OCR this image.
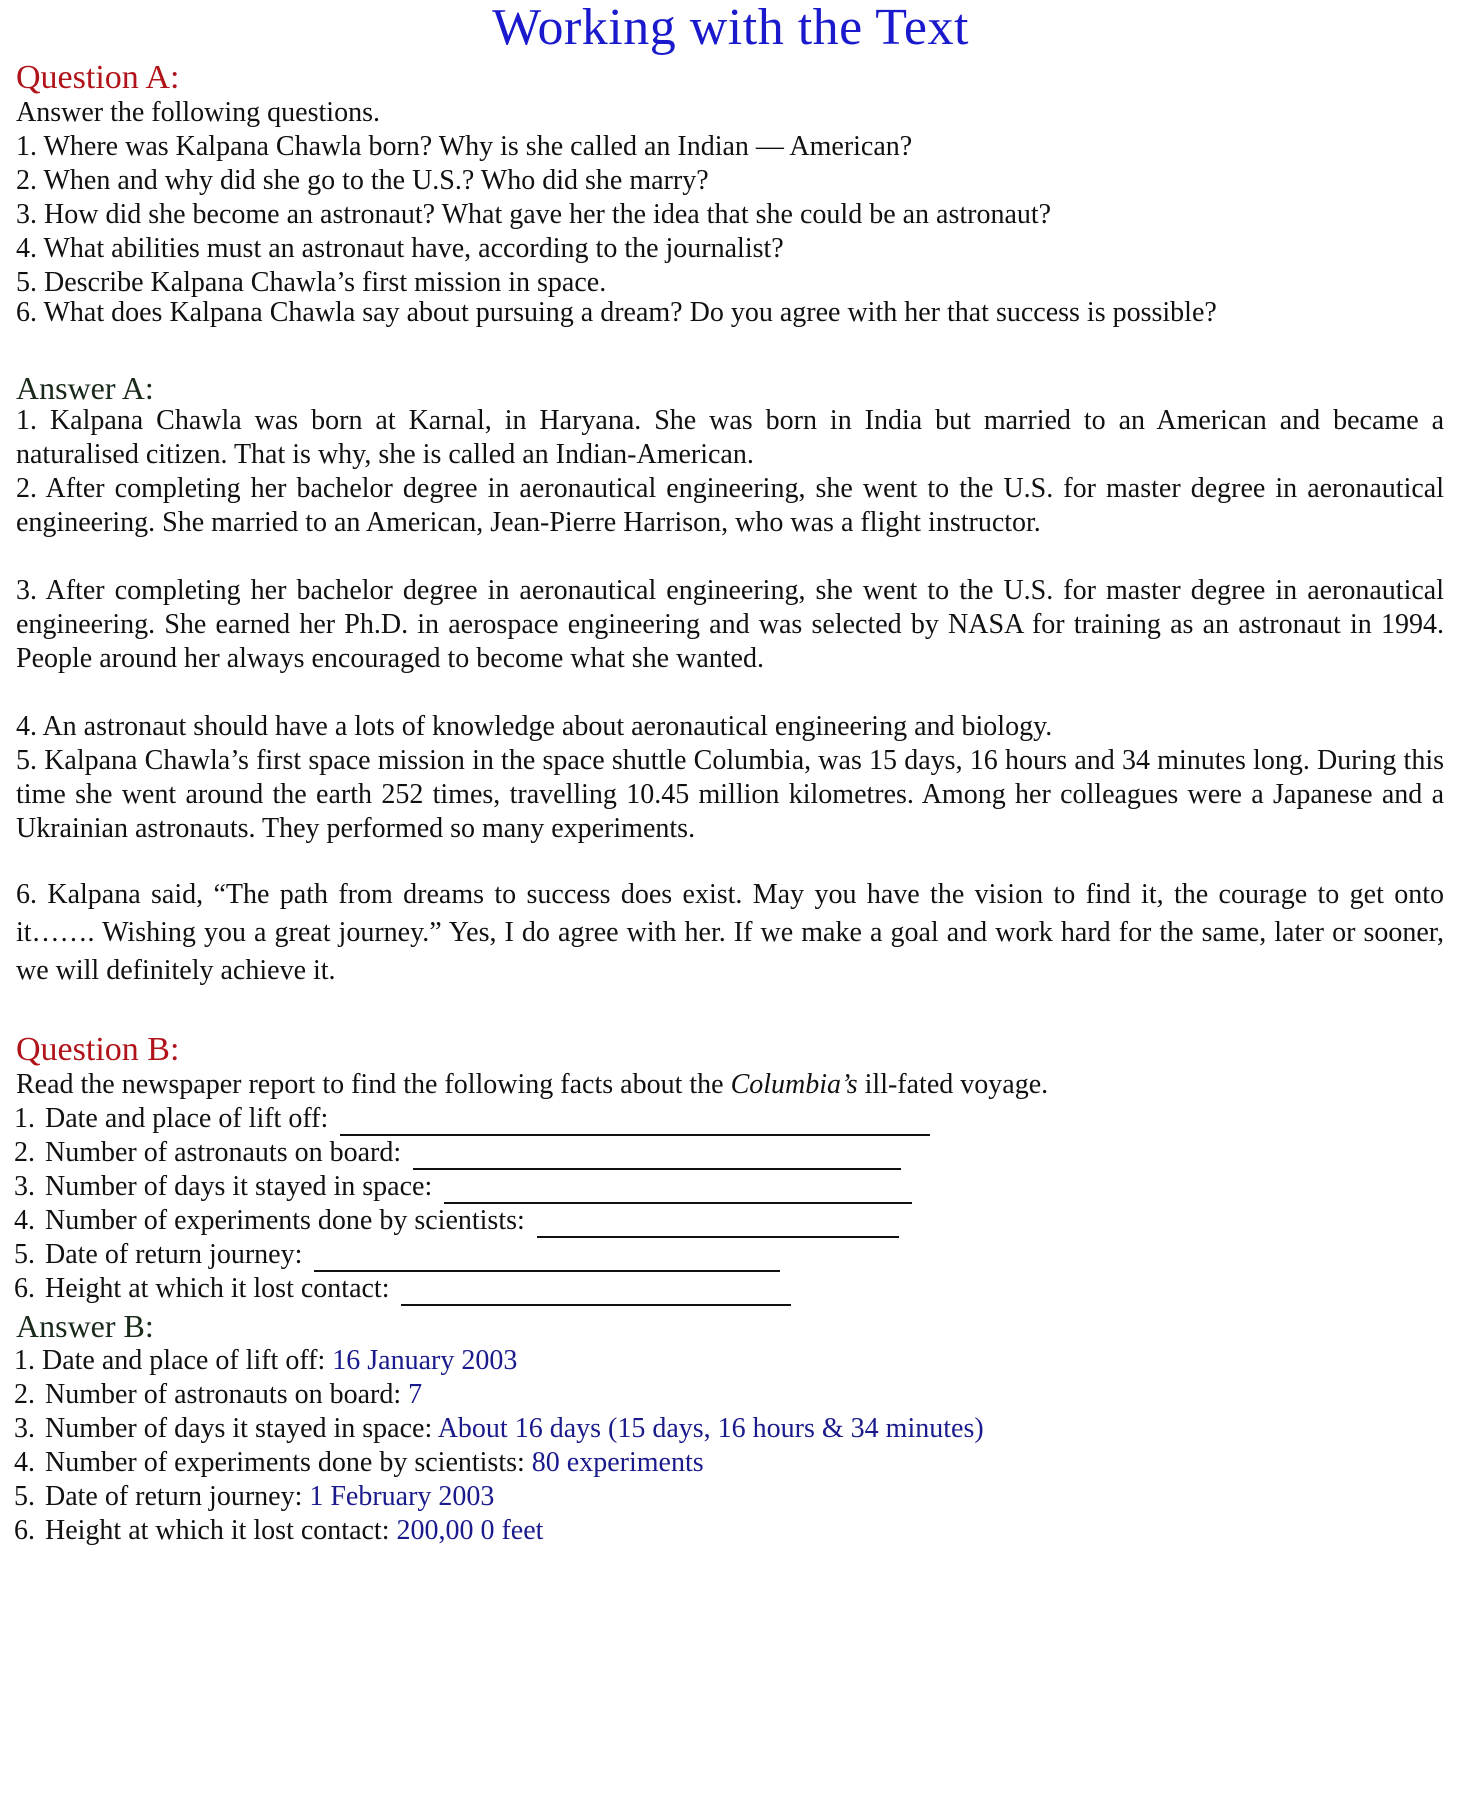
Working with the Text
Question A:
Answer the following questions.
1. Where was Kalpana Chawla born? Why is she called an Indian — American?
2. When and why did she go to the U.S.? Who did she marry?
3. How did she become an astronaut? What gave her the idea that she could be an astronaut?
4. What abilities must an astronaut have, according to the journalist?
5. Describe Kalpana Chawla’s first mission in space.
6. What does Kalpana Chawla say about pursuing a dream? Do you agree with her that success is possible?
Answer A:
1. Kalpana Chawla was born at Karnal, in Haryana. She was born in India but married to an American and became a naturalised citizen. That is why, she is called an Indian-American.
2. After completing her bachelor degree in aeronautical engineering, she went to the U.S. for master degree in aeronautical engineering. She married to an American, Jean-Pierre Harrison, who was a flight instructor.
3. After completing her bachelor degree in aeronautical engineering, she went to the U.S. for master degree in aeronautical engineering. She earned her Ph.D. in aerospace engineering and was selected by NASA for training as an astronaut in 1994. People around her always encouraged to become what she wanted.
4. An astronaut should have a lots of knowledge about aeronautical engineering and biology.
5. Kalpana Chawla’s first space mission in the space shuttle Columbia, was 15 days, 16 hours and 34 minutes long. During this time she went around the earth 252 times, travelling 10.45 million kilometres. Among her colleagues were a Japanese and a Ukrainian astronauts. They performed so many experiments.
6. Kalpana said, “The path from dreams to success does exist. May you have the vision to find it, the courage to get onto it……. Wishing you a great journey.” Yes, I do agree with her. If we make a goal and work hard for the same, later or sooner, we will definitely achieve it.
Question B:
Read the newspaper report to find the following facts about the Columbia’s ill-fated voyage.
1. Date and place of lift off:
2. Number of astronauts on board:
3. Number of days it stayed in space:
4. Number of experiments done by scientists:
5. Date of return journey:
6. Height at which it lost contact:
Answer B:
1. Date and place of lift off: 16 January 2003
2. Number of astronauts on board: 7
3. Number of days it stayed in space: About 16 days (15 days, 16 hours & 34 minutes)
4. Number of experiments done by scientists: 80 experiments
5. Date of return journey: 1 February 2003
6. Height at which it lost contact: 200,00 0 feet
